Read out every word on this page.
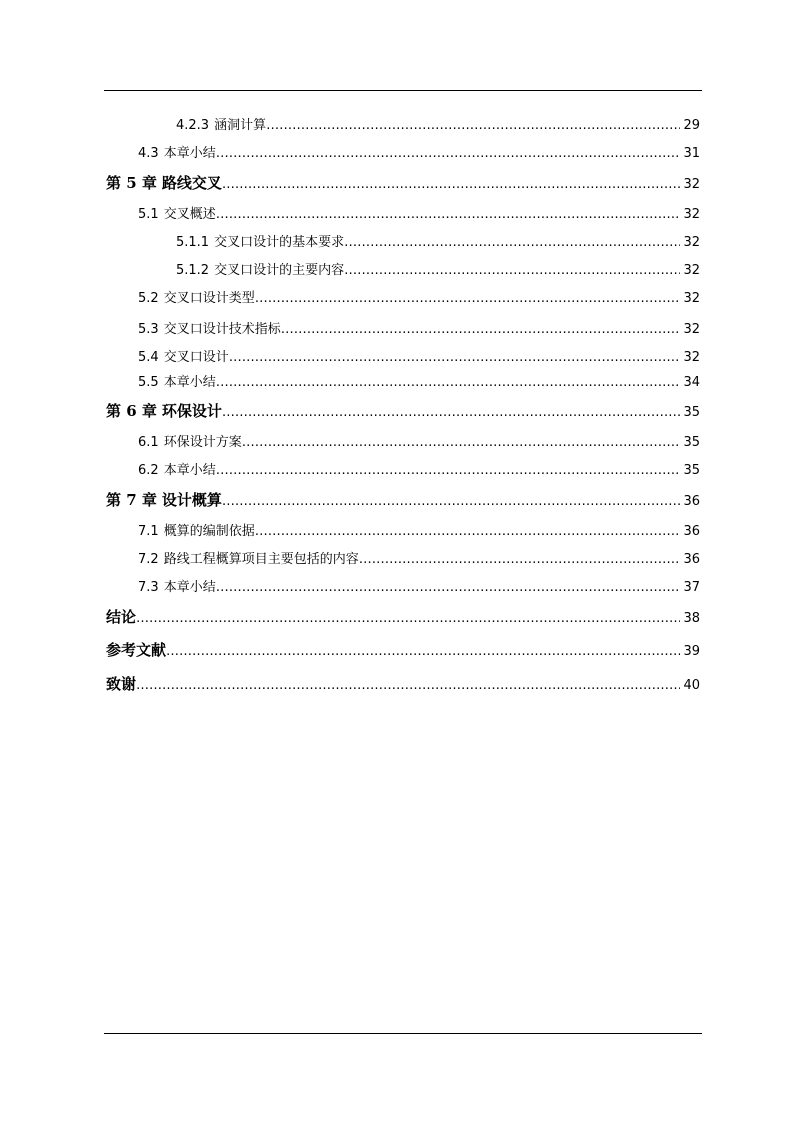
4.2.3 涵洞计算 …………………………………………………………………………………………………………………………………………………………………………………………………………	29
4.3 本章小结 …………………………………………………………………………………………………………………………………………………………………………………………………………	31
第 5 章 路线交叉 …………………………………………………………………………………………………………………………………………………………………………………………………………	32
5.1 交叉概述 …………………………………………………………………………………………………………………………………………………………………………………………………………	32
5.1.1 交叉口设计的基本要求 …………………………………………………………………………………………………………………………………………………………………………………………………………	32
5.1.2 交叉口设计的主要内容 …………………………………………………………………………………………………………………………………………………………………………………………………………	32
5.2 交叉口设计类型 …………………………………………………………………………………………………………………………………………………………………………………………………………	32
5.3 交叉口设计技术指标 …………………………………………………………………………………………………………………………………………………………………………………………………………	32
5.4 交叉口设计 …………………………………………………………………………………………………………………………………………………………………………………………………………	32
5.5 本章小结 …………………………………………………………………………………………………………………………………………………………………………………………………………	34
第 6 章 环保设计 …………………………………………………………………………………………………………………………………………………………………………………………………………	35
6.1 环保设计方案 …………………………………………………………………………………………………………………………………………………………………………………………………………	35
6.2 本章小结 …………………………………………………………………………………………………………………………………………………………………………………………………………	35
第 7 章 设计概算 …………………………………………………………………………………………………………………………………………………………………………………………………………	36
7.1 概算的编制依据 …………………………………………………………………………………………………………………………………………………………………………………………………………	36
7.2 路线工程概算项目主要包括的内容 …………………………………………………………………………………………………………………………………………………………………………………………………………	36
7.3 本章小结 …………………………………………………………………………………………………………………………………………………………………………………………………………	37
结论 …………………………………………………………………………………………………………………………………………………………………………………………………………	38
参考文献 …………………………………………………………………………………………………………………………………………………………………………………………………………	39
致谢 …………………………………………………………………………………………………………………………………………………………………………………………………………	40
